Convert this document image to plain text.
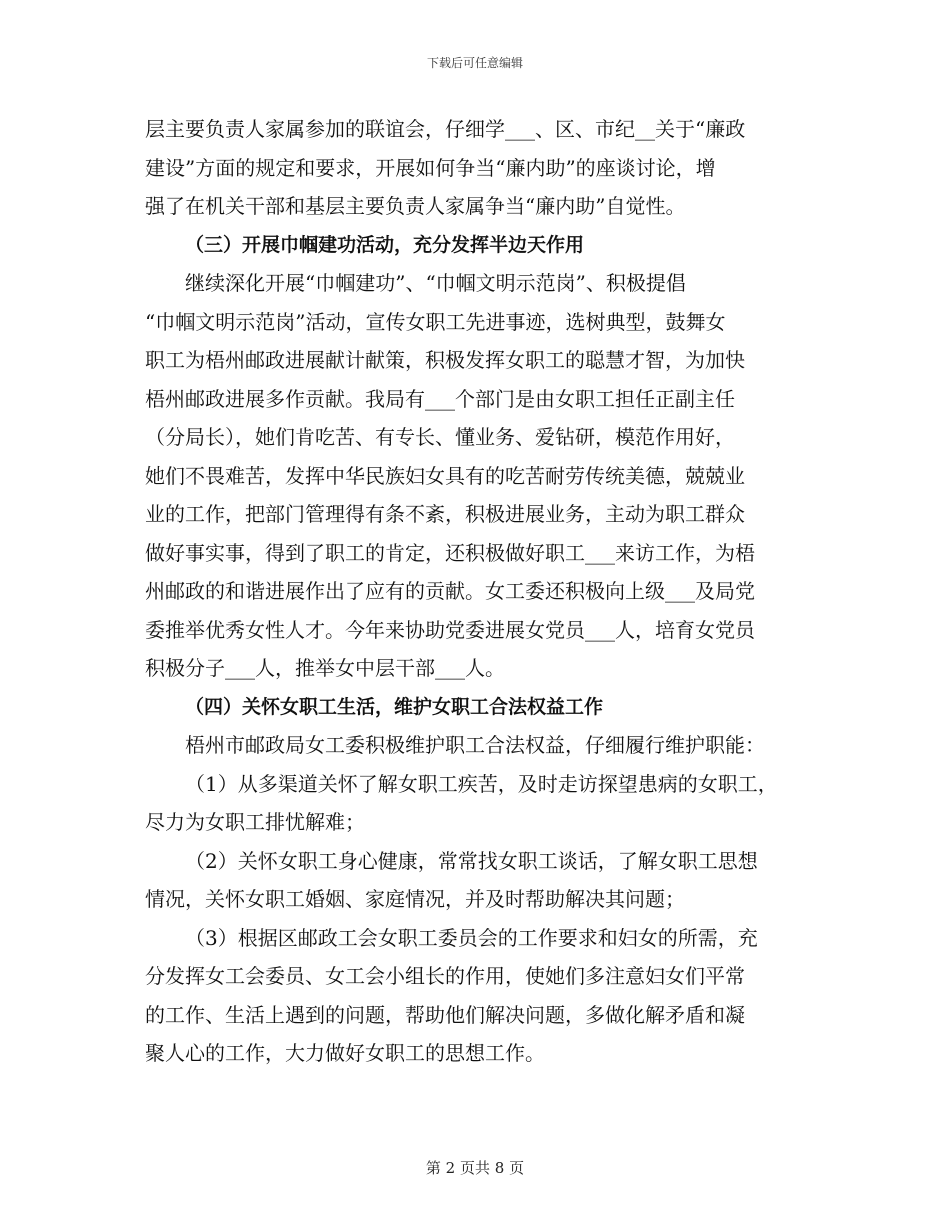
下载后可任意编辑
层主要负责人家属参加的联谊会，仔细学___、区、市纪__关于“廉政
建设”方面的规定和要求，开展如何争当“廉内助”的座谈讨论，增
强了在机关干部和基层主要负责人家属争当“廉内助”自觉性。
（三）开展巾帼建功活动，充分发挥半边天作用
继续深化开展“巾帼建功”、“巾帼文明示范岗”、积极提倡
“巾帼文明示范岗”活动，宣传女职工先进事迹，选树典型，鼓舞女
职工为梧州邮政进展献计献策，积极发挥女职工的聪慧才智，为加快
梧州邮政进展多作贡献。我局有___个部门是由女职工担任正副主任
（分局长），她们肯吃苦、有专长、懂业务、爱钻研，模范作用好，
她们不畏难苦，发挥中华民族妇女具有的吃苦耐劳传统美德，兢兢业
业的工作，把部门管理得有条不紊，积极进展业务，主动为职工群众
做好事实事，得到了职工的肯定，还积极做好职工___来访工作，为梧
州邮政的和谐进展作出了应有的贡献。女工委还积极向上级___及局党
委推举优秀女性人才。今年来协助党委进展女党员___人，培育女党员
积极分子___人，推举女中层干部___人。
（四）关怀女职工生活，维护女职工合法权益工作
梧州市邮政局女工委积极维护职工合法权益，仔细履行维护职能：
（1）从多渠道关怀了解女职工疾苦，及时走访探望患病的女职工，
尽力为女职工排忧解难；
（2）关怀女职工身心健康，常常找女职工谈话，了解女职工思想
情况，关怀女职工婚姻、家庭情况，并及时帮助解决其问题；
（3）根据区邮政工会女职工委员会的工作要求和妇女的所需，充
分发挥女工会委员、女工会小组长的作用，使她们多注意妇女们平常
的工作、生活上遇到的问题，帮助他们解决问题，多做化解矛盾和凝
聚人心的工作，大力做好女职工的思想工作。
第 2 页共 8 页
